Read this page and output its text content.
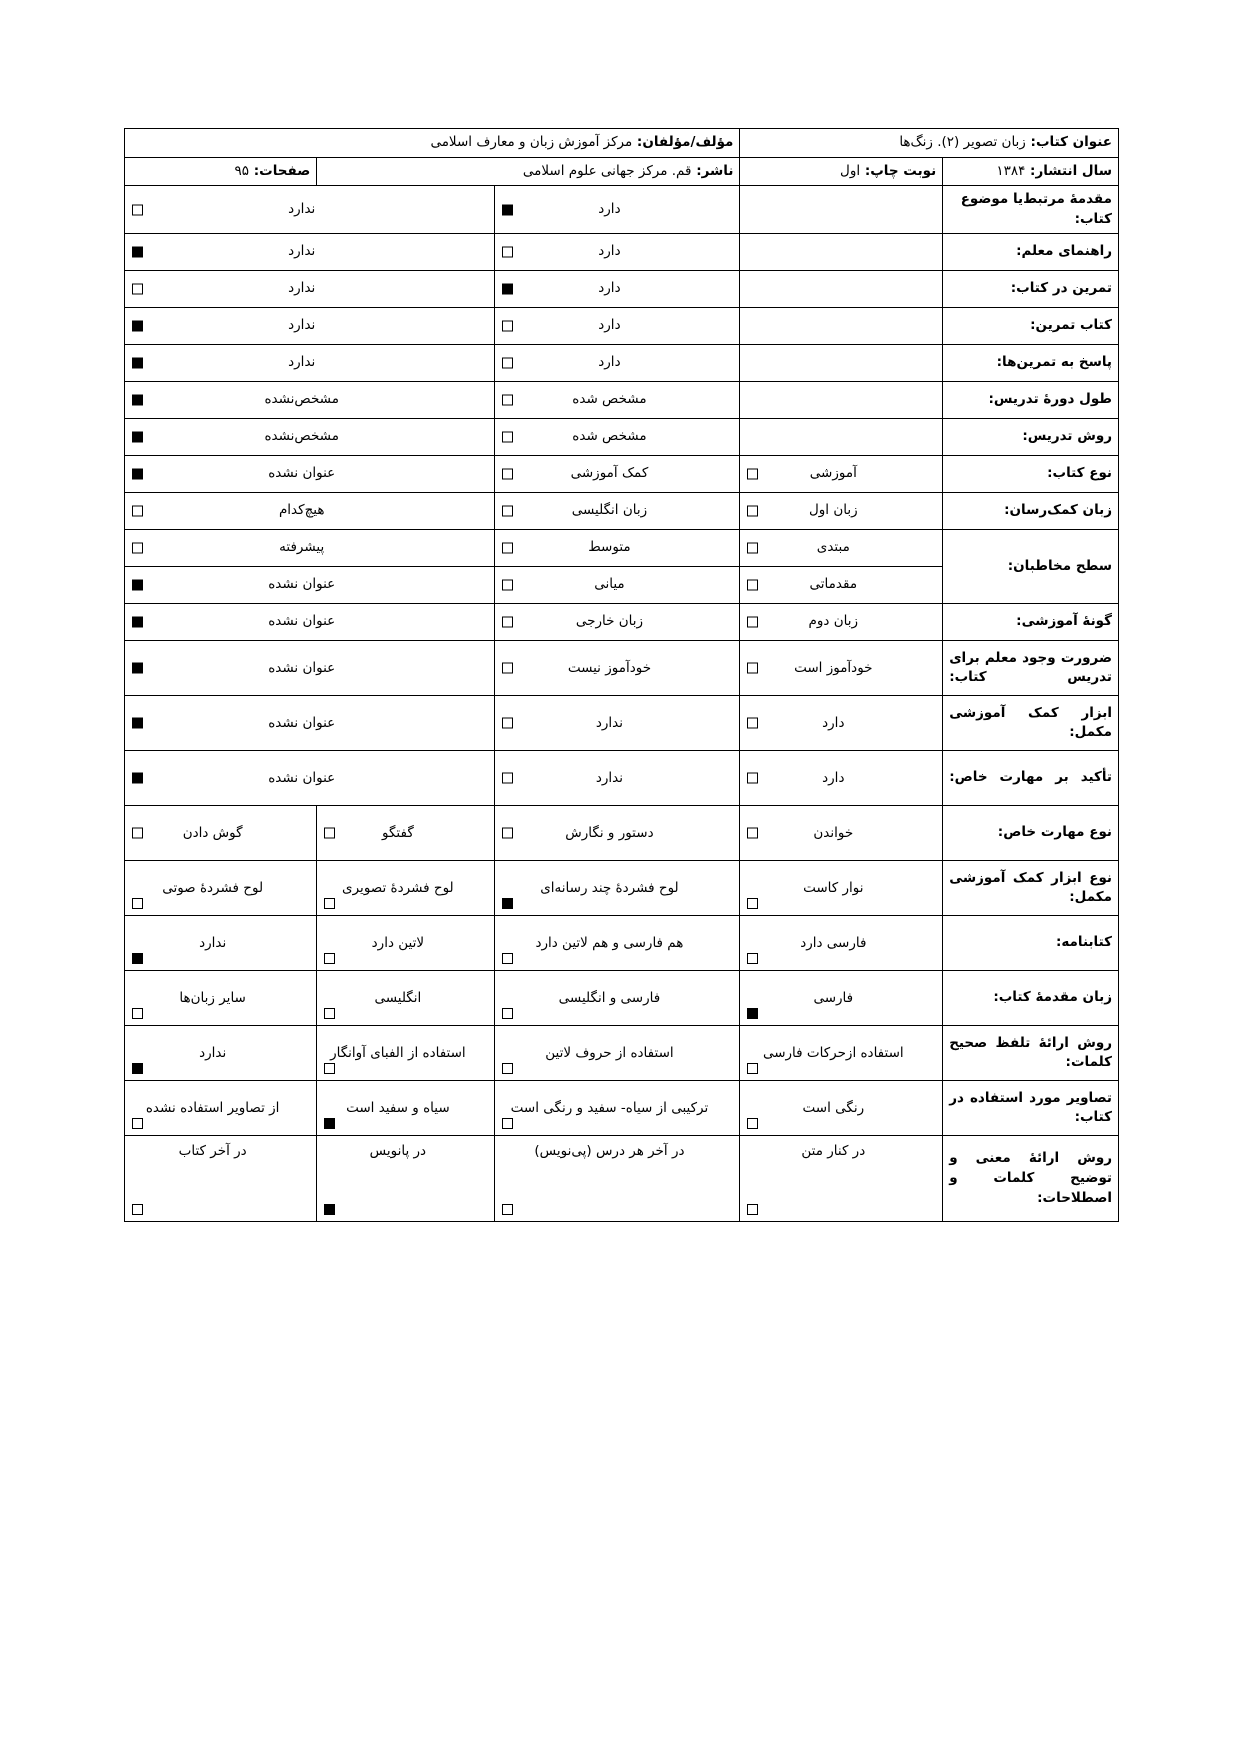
عنوان کتاب: زبان تصویر (۲). زنگ‌ها		مؤلف/مؤلفان: مرکز آموزش زبان و معارف اسلامی		
سال انتشار: ۱۳۸۴	نوبت چاپ: اول	ناشر: قم. مرکز جهانی علوم اسلامی		صفحات: ۹۵
مقدمۀ مرتبط‌یا موضوع کتاب:		دارد	ندارد	

راهنمای معلم:		دارد	ندارد	

تمرین در کتاب:		دارد	ندارد	

کتاب تمرین:		دارد	ندارد	

پاسخ به تمرین‌ها:		دارد	ندارد	

طول دورۀ تدریس:		مشخص شده	مشخص‌نشده	

روش تدریس:		مشخص شده	مشخص‌نشده	

نوع کتاب:	آموزشی	کمک آموزشی	عنوان نشده	

زبان کمک‌رسان:	زبان اول	زبان انگلیسی	هیچ‌کدام	

سطح مخاطبان:	مبتدی	متوسط	پیشرفته	

	مقدماتی	میانی	عنوان نشده	

گونۀ آموزشی:	زبان دوم	زبان خارجی	عنوان نشده	

ضرورت وجود معلم برای تدریس کتاب:	خودآموز است	خودآموز نیست	عنوان نشده	

ابزار کمک آموزشی مکمل:	دارد	ندارد	عنوان نشده	

تأکید بر مهارت خاص:	دارد	ندارد	عنوان نشده	

نوع مهارت خاص:	خواندن	دستور و نگارش	گفتگو	گوش دادن

نوع ابزار کمک آموزشی مکمل:	نوار کاست	لوح فشردۀ چند رسانه‌ای	لوح فشردۀ تصویری	لوح فشردۀ صوتی

کتابنامه:	فارسی دارد	هم فارسی و هم لاتین دارد	لاتین دارد	ندارد

زبان مقدمۀ کتاب:	فارسی	فارسی و انگلیسی	انگلیسی	سایر زبان‌ها

روش ارائۀ تلفظ صحیح کلمات:	استفاده از‌حرکات فارسی	استفاده از حروف لاتین	استفاده از الفبای آوانگار	ندارد

تصاویر مورد استفاده در کتاب:	رنگی است	ترکیبی از سیاه- سفید و رنگی است	سیاه و سفید است	از تصاویر استفاده نشده

روش ارائۀ معنی و توضیح کلمات و اصطلاحات:	در کنار متن	در آخر هر درس (پی‌نویس)	در پانویس	در آخر کتاب
